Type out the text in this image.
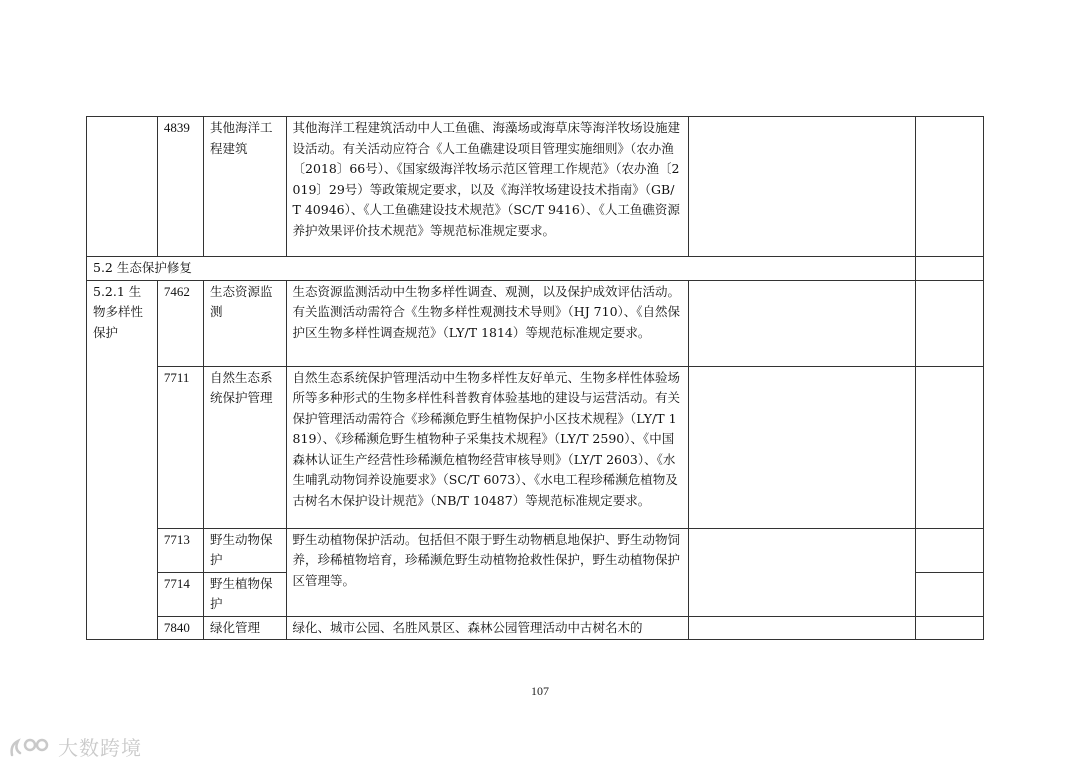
	4839	其他海洋工程建筑	其他海洋工程建筑活动中人工鱼礁、海藻场或海草床等海洋牧场设施建设活动。有关活动应符合《人工鱼礁建设项目管理实施细则》（农办渔〔2018〕66号）、《国家级海洋牧场示范区管理工作规范》（农办渔〔2019〕29号）等政策规定要求，以及《海洋牧场建设技术指南》（GB/T 40946）、《人工鱼礁建设技术规范》（SC/T 9416）、《人工鱼礁资源养护效果评价技术规范》等规范标准规定要求。		
5.2 生态保护修复					
5.2.1 生物多样性保护	7462	生态资源监测	生态资源监测活动中生物多样性调查、观测，以及保护成效评估活动。有关监测活动需符合《生物多样性观测技术导则》（HJ 710）、《自然保护区生物多样性调查规范》（LY/T 1814）等规范标准规定要求。		
	7711	自然生态系统保护管理	自然生态系统保护管理活动中生物多样性友好单元、生物多样性体验场所等多种形式的生物多样性科普教育体验基地的建设与运营活动。有关保护管理活动需符合《珍稀濒危野生植物保护小区技术规程》（LY/T 1819）、《珍稀濒危野生植物种子采集技术规程》（LY/T 2590）、《中国森林认证生产经营性珍稀濒危植物经营审核导则》（LY/T 2603）、《水生哺乳动物饲养设施要求》（SC/T 6073）、《水电工程珍稀濒危植物及古树名木保护设计规范》（NB/T 10487）等规范标准规定要求。		
	7713	野生动物保护	野生动植物保护活动。包括但不限于野生动物栖息地保护、野生动物饲养，珍稀植物培育，珍稀濒危野生动植物抢救性保护，野生动植物保护区管理等。		
	7714	野生植物保护			
	7840	绿化管理	绿化、城市公园、名胜风景区、森林公园管理活动中古树名木的		
107
大数跨境
